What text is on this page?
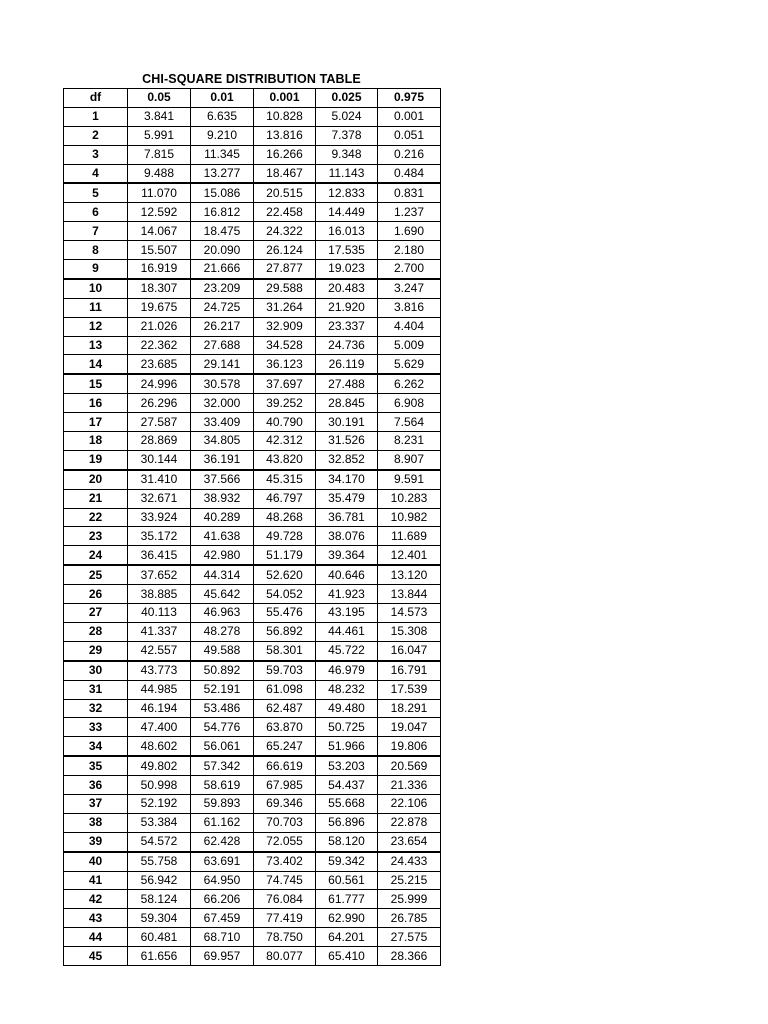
CHI-SQUARE DISTRIBUTION TABLE
df	0.05	0.01	0.001	0.025	0.975
1	3.841	6.635	10.828	5.024	0.001
2	5.991	9.210	13.816	7.378	0.051
3	7.815	11.345	16.266	9.348	0.216
4	9.488	13.277	18.467	11.143	0.484
5	11.070	15.086	20.515	12.833	0.831
6	12.592	16.812	22.458	14.449	1.237
7	14.067	18.475	24.322	16.013	1.690
8	15.507	20.090	26.124	17.535	2.180
9	16.919	21.666	27.877	19.023	2.700
10	18.307	23.209	29.588	20.483	3.247
11	19.675	24.725	31.264	21.920	3.816
12	21.026	26.217	32.909	23.337	4.404
13	22.362	27.688	34.528	24.736	5.009
14	23.685	29.141	36.123	26.119	5.629
15	24.996	30.578	37.697	27.488	6.262
16	26.296	32.000	39.252	28.845	6.908
17	27.587	33.409	40.790	30.191	7.564
18	28.869	34.805	42.312	31.526	8.231
19	30.144	36.191	43.820	32.852	8.907
20	31.410	37.566	45.315	34.170	9.591
21	32.671	38.932	46.797	35.479	10.283
22	33.924	40.289	48.268	36.781	10.982
23	35.172	41.638	49.728	38.076	11.689
24	36.415	42.980	51.179	39.364	12.401
25	37.652	44.314	52.620	40.646	13.120
26	38.885	45.642	54.052	41.923	13.844
27	40.113	46.963	55.476	43.195	14.573
28	41.337	48.278	56.892	44.461	15.308
29	42.557	49.588	58.301	45.722	16.047
30	43.773	50.892	59.703	46.979	16.791
31	44.985	52.191	61.098	48.232	17.539
32	46.194	53.486	62.487	49.480	18.291
33	47.400	54.776	63.870	50.725	19.047
34	48.602	56.061	65.247	51.966	19.806
35	49.802	57.342	66.619	53.203	20.569
36	50.998	58.619	67.985	54.437	21.336
37	52.192	59.893	69.346	55.668	22.106
38	53.384	61.162	70.703	56.896	22.878
39	54.572	62.428	72.055	58.120	23.654
40	55.758	63.691	73.402	59.342	24.433
41	56.942	64.950	74.745	60.561	25.215
42	58.124	66.206	76.084	61.777	25.999
43	59.304	67.459	77.419	62.990	26.785
44	60.481	68.710	78.750	64.201	27.575
45	61.656	69.957	80.077	65.410	28.366
